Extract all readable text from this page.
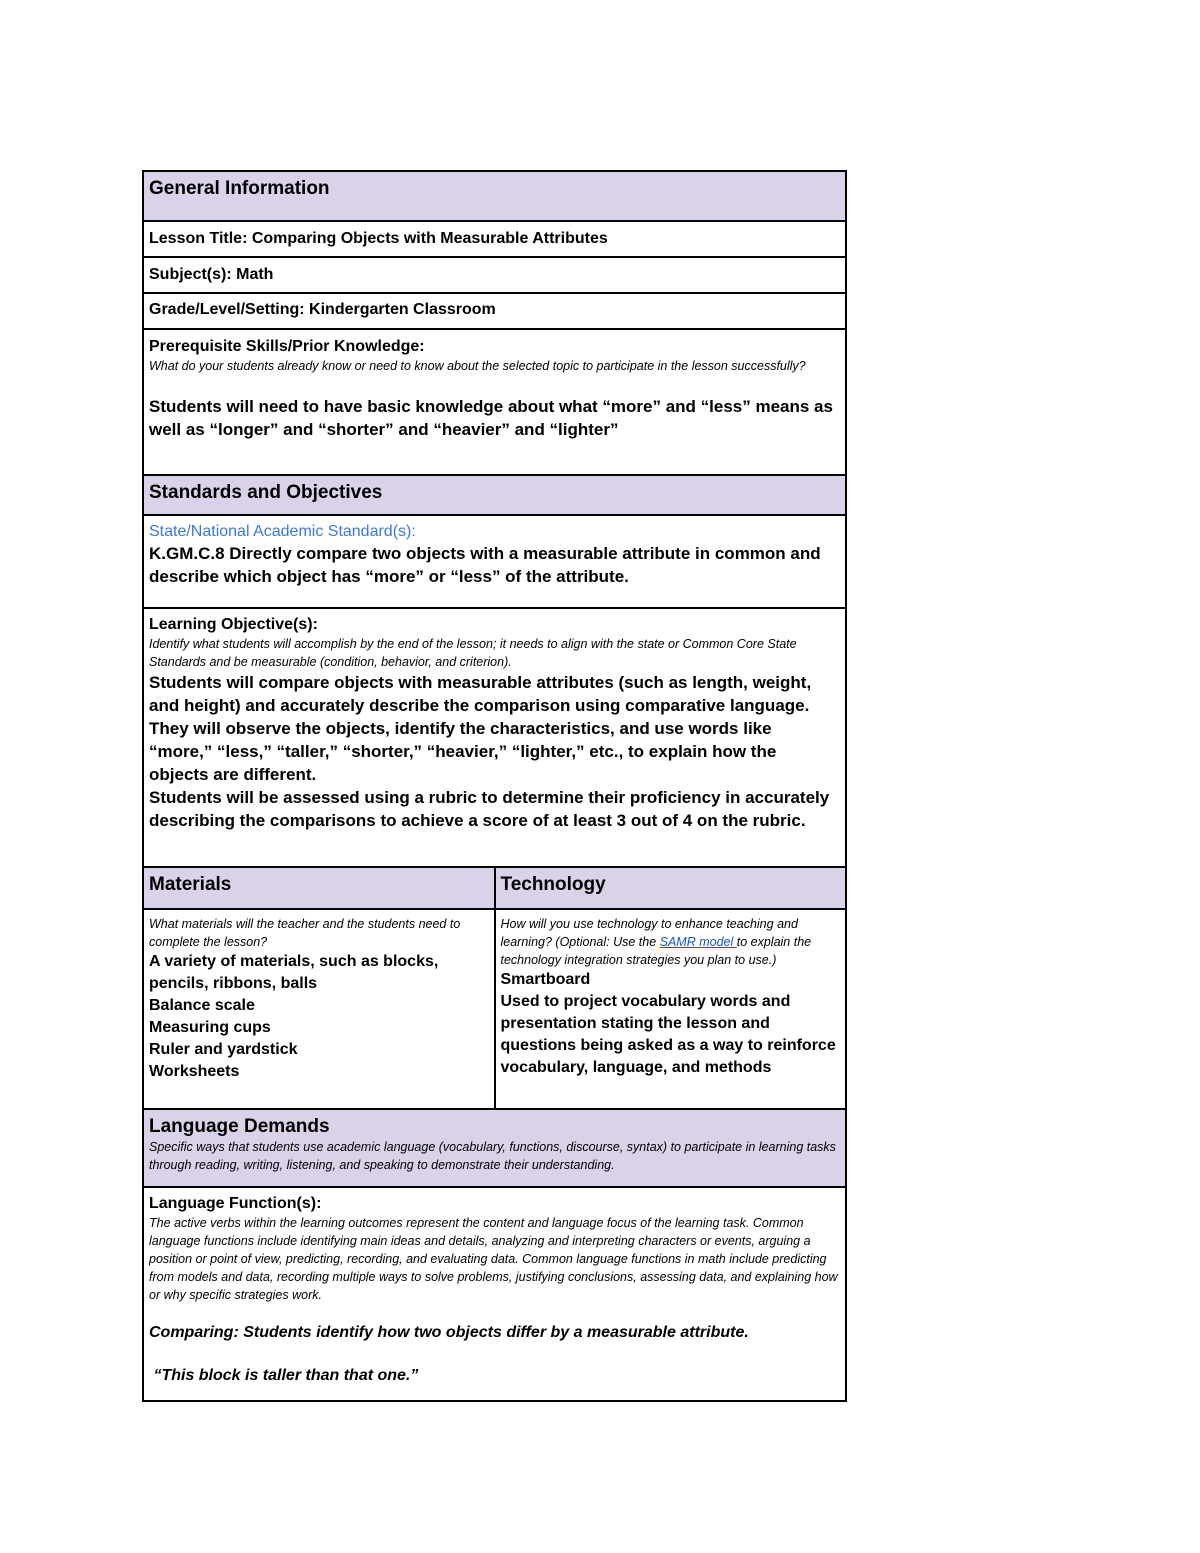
General Information
Lesson Title: Comparing Objects with Measurable Attributes
Subject(s): Math
Grade/Level/Setting: Kindergarten Classroom
Prerequisite Skills/Prior Knowledge:
What do your students already know or need to know about the selected topic to participate in the lesson successfully?
Students will need to have basic knowledge about what “more” and “less” means as well as “longer” and “shorter” and “heavier” and “lighter”
Standards and Objectives
State/National Academic Standard(s):
K.GM.C.8 Directly compare two objects with a measurable attribute in common and describe which object has “more” or “less” of the attribute.
Learning Objective(s):
Identify what students will accomplish by the end of the lesson; it needs to align with the state or Common Core State Standards and be measurable (condition, behavior, and criterion).
Students will compare objects with measurable attributes (such as length, weight, and height) and accurately describe the comparison using comparative language. They will observe the objects, identify the characteristics, and use words like “more,” “less,” “taller,” “shorter,” “heavier,” “lighter,” etc., to explain how the objects are different.
Students will be assessed using a rubric to determine their proficiency in accurately describing the comparisons to achieve a score of at least 3 out of 4 on the rubric.
Materials	Technology
What materials will the teacher and the students need to complete the lesson?
A variety of materials, such as blocks, pencils, ribbons, balls
Balance scale
Measuring cups
Ruler and yardstick
Worksheets
How will you use technology to enhance teaching and learning? (Optional: Use the SAMR model to explain the technology integration strategies you plan to use.)
Smartboard
Used to project vocabulary words and presentation stating the lesson and questions being asked as a way to reinforce vocabulary, language, and methods
Language Demands
Specific ways that students use academic language (vocabulary, functions, discourse, syntax) to participate in learning tasks through reading, writing, listening, and speaking to demonstrate their understanding.
Language Function(s):
The active verbs within the learning outcomes represent the content and language focus of the learning task. Common language functions include identifying main ideas and details, analyzing and interpreting characters or events, arguing a position or point of view, predicting, recording, and evaluating data. Common language functions in math include predicting from models and data, recording multiple ways to solve problems, justifying conclusions, assessing data, and explaining how or why specific strategies work.
Comparing: Students identify how two objects differ by a measurable attribute.
“This block is taller than that one.”
